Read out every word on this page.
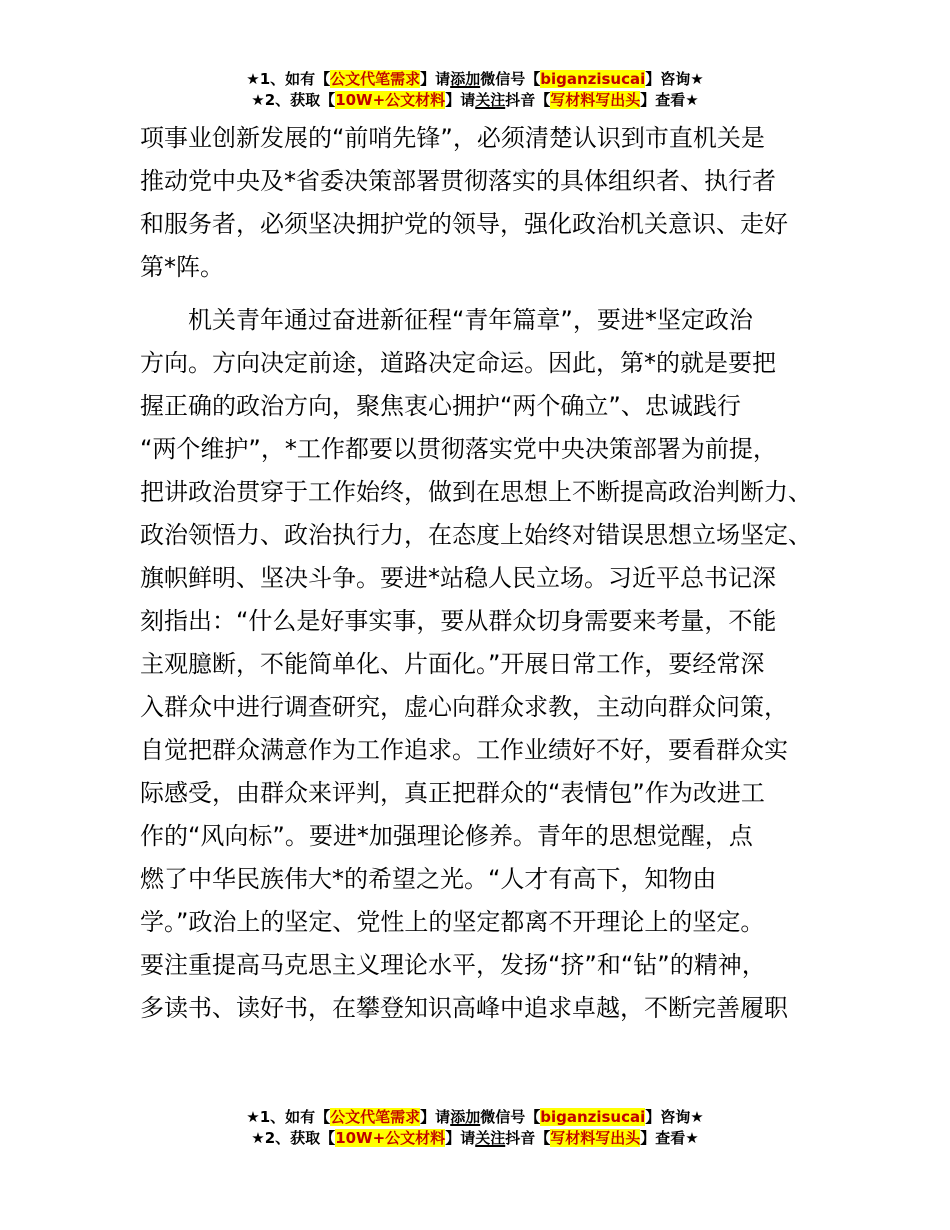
★1、如有【公文代笔需求】请添加微信号【biganzisucai】咨询★
★2、获取【10W+公文材料】请关注抖音【写材料写出头】查看★
项事业创新发展的“前哨先锋”，必须清楚认识到市直机关是
推动党中央及*省委决策部署贯彻落实的具体组织者、执行者
和服务者，必须坚决拥护党的领导，强化政治机关意识、走好
第*阵。
　　机关青年通过奋进新征程“青年篇章”，要进*坚定政治
方向。方向决定前途，道路决定命运。因此，第*的就是要把
握正确的政治方向，聚焦衷心拥护“两个确立”、忠诚践行
“两个维护”，*工作都要以贯彻落实党中央决策部署为前提，
把讲政治贯穿于工作始终，做到在思想上不断提高政治判断力、
政治领悟力、政治执行力，在态度上始终对错误思想立场坚定、
旗帜鲜明、坚决斗争。要进*站稳人民立场。习近平总书记深
刻指出：“什么是好事实事，要从群众切身需要来考量，不能
主观臆断，不能简单化、片面化。”开展日常工作，要经常深
入群众中进行调查研究，虚心向群众求教，主动向群众问策，
自觉把群众满意作为工作追求。工作业绩好不好，要看群众实
际感受，由群众来评判，真正把群众的“表情包”作为改进工
作的“风向标”。要进*加强理论修养。青年的思想觉醒，点
燃了中华民族伟大*的希望之光。“人才有高下，知物由
学。”政治上的坚定、党性上的坚定都离不开理论上的坚定。
要注重提高马克思主义理论水平，发扬“挤”和“钻”的精神，
多读书、读好书，在攀登知识高峰中追求卓越，不断完善履职
★1、如有【公文代笔需求】请添加微信号【biganzisucai】咨询★
★2、获取【10W+公文材料】请关注抖音【写材料写出头】查看★
